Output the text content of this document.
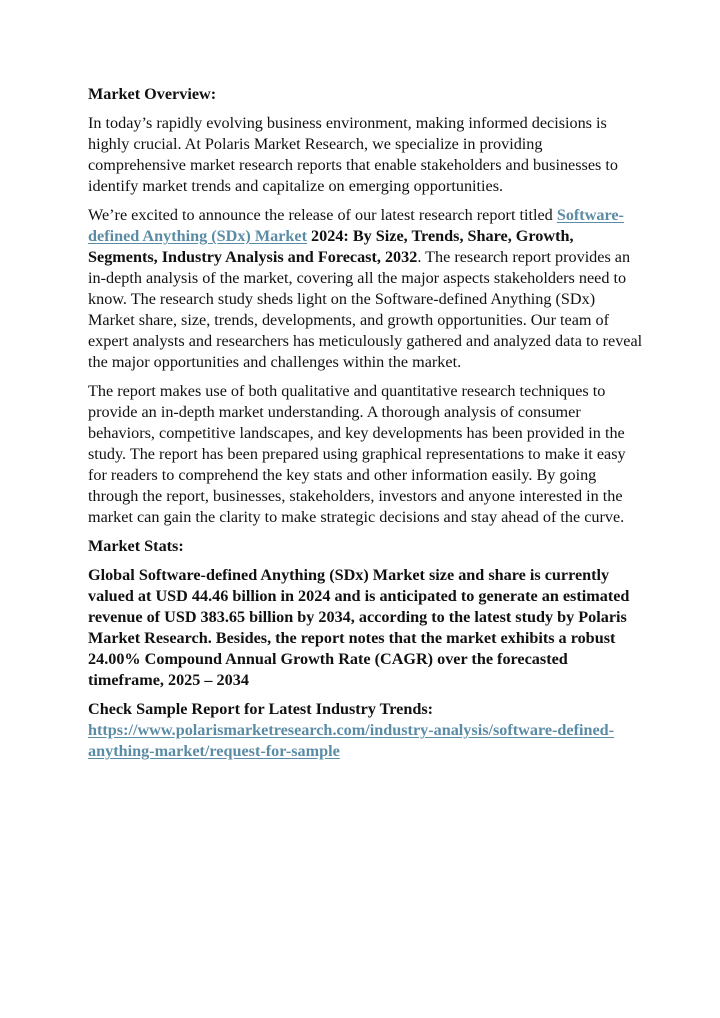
Market Overview:

In today’s rapidly evolving business environment, making informed decisions is highly crucial. At Polaris Market Research, we specialize in providing comprehensive market research reports that enable stakeholders and businesses to identify market trends and capitalize on emerging opportunities.

We’re excited to announce the release of our latest research report titled Software-defined Anything (SDx) Market 2024: By Size, Trends, Share, Growth, Segments, Industry Analysis and Forecast, 2032. The research report provides an in-depth analysis of the market, covering all the major aspects stakeholders need to know. The research study sheds light on the Software-defined Anything (SDx) Market share, size, trends, developments, and growth opportunities. Our team of expert analysts and researchers has meticulously gathered and analyzed data to reveal the major opportunities and challenges within the market.

The report makes use of both qualitative and quantitative research techniques to provide an in-depth market understanding. A thorough analysis of consumer behaviors, competitive landscapes, and key developments has been provided in the study. The report has been prepared using graphical representations to make it easy for readers to comprehend the key stats and other information easily. By going through the report, businesses, stakeholders, investors and anyone interested in the market can gain the clarity to make strategic decisions and stay ahead of the curve.

Market Stats:

Global Software-defined Anything (SDx) Market size and share is currently valued at USD 44.46 billion in 2024 and is anticipated to generate an estimated revenue of USD 383.65 billion by 2034, according to the latest study by Polaris Market Research. Besides, the report notes that the market exhibits a robust 24.00% Compound Annual Growth Rate (CAGR) over the forecasted timeframe, 2025 – 2034

Check Sample Report for Latest Industry Trends: https://www.polarismarketresearch.com/industry-analysis/software-defined-anything-market/request-for-sample
